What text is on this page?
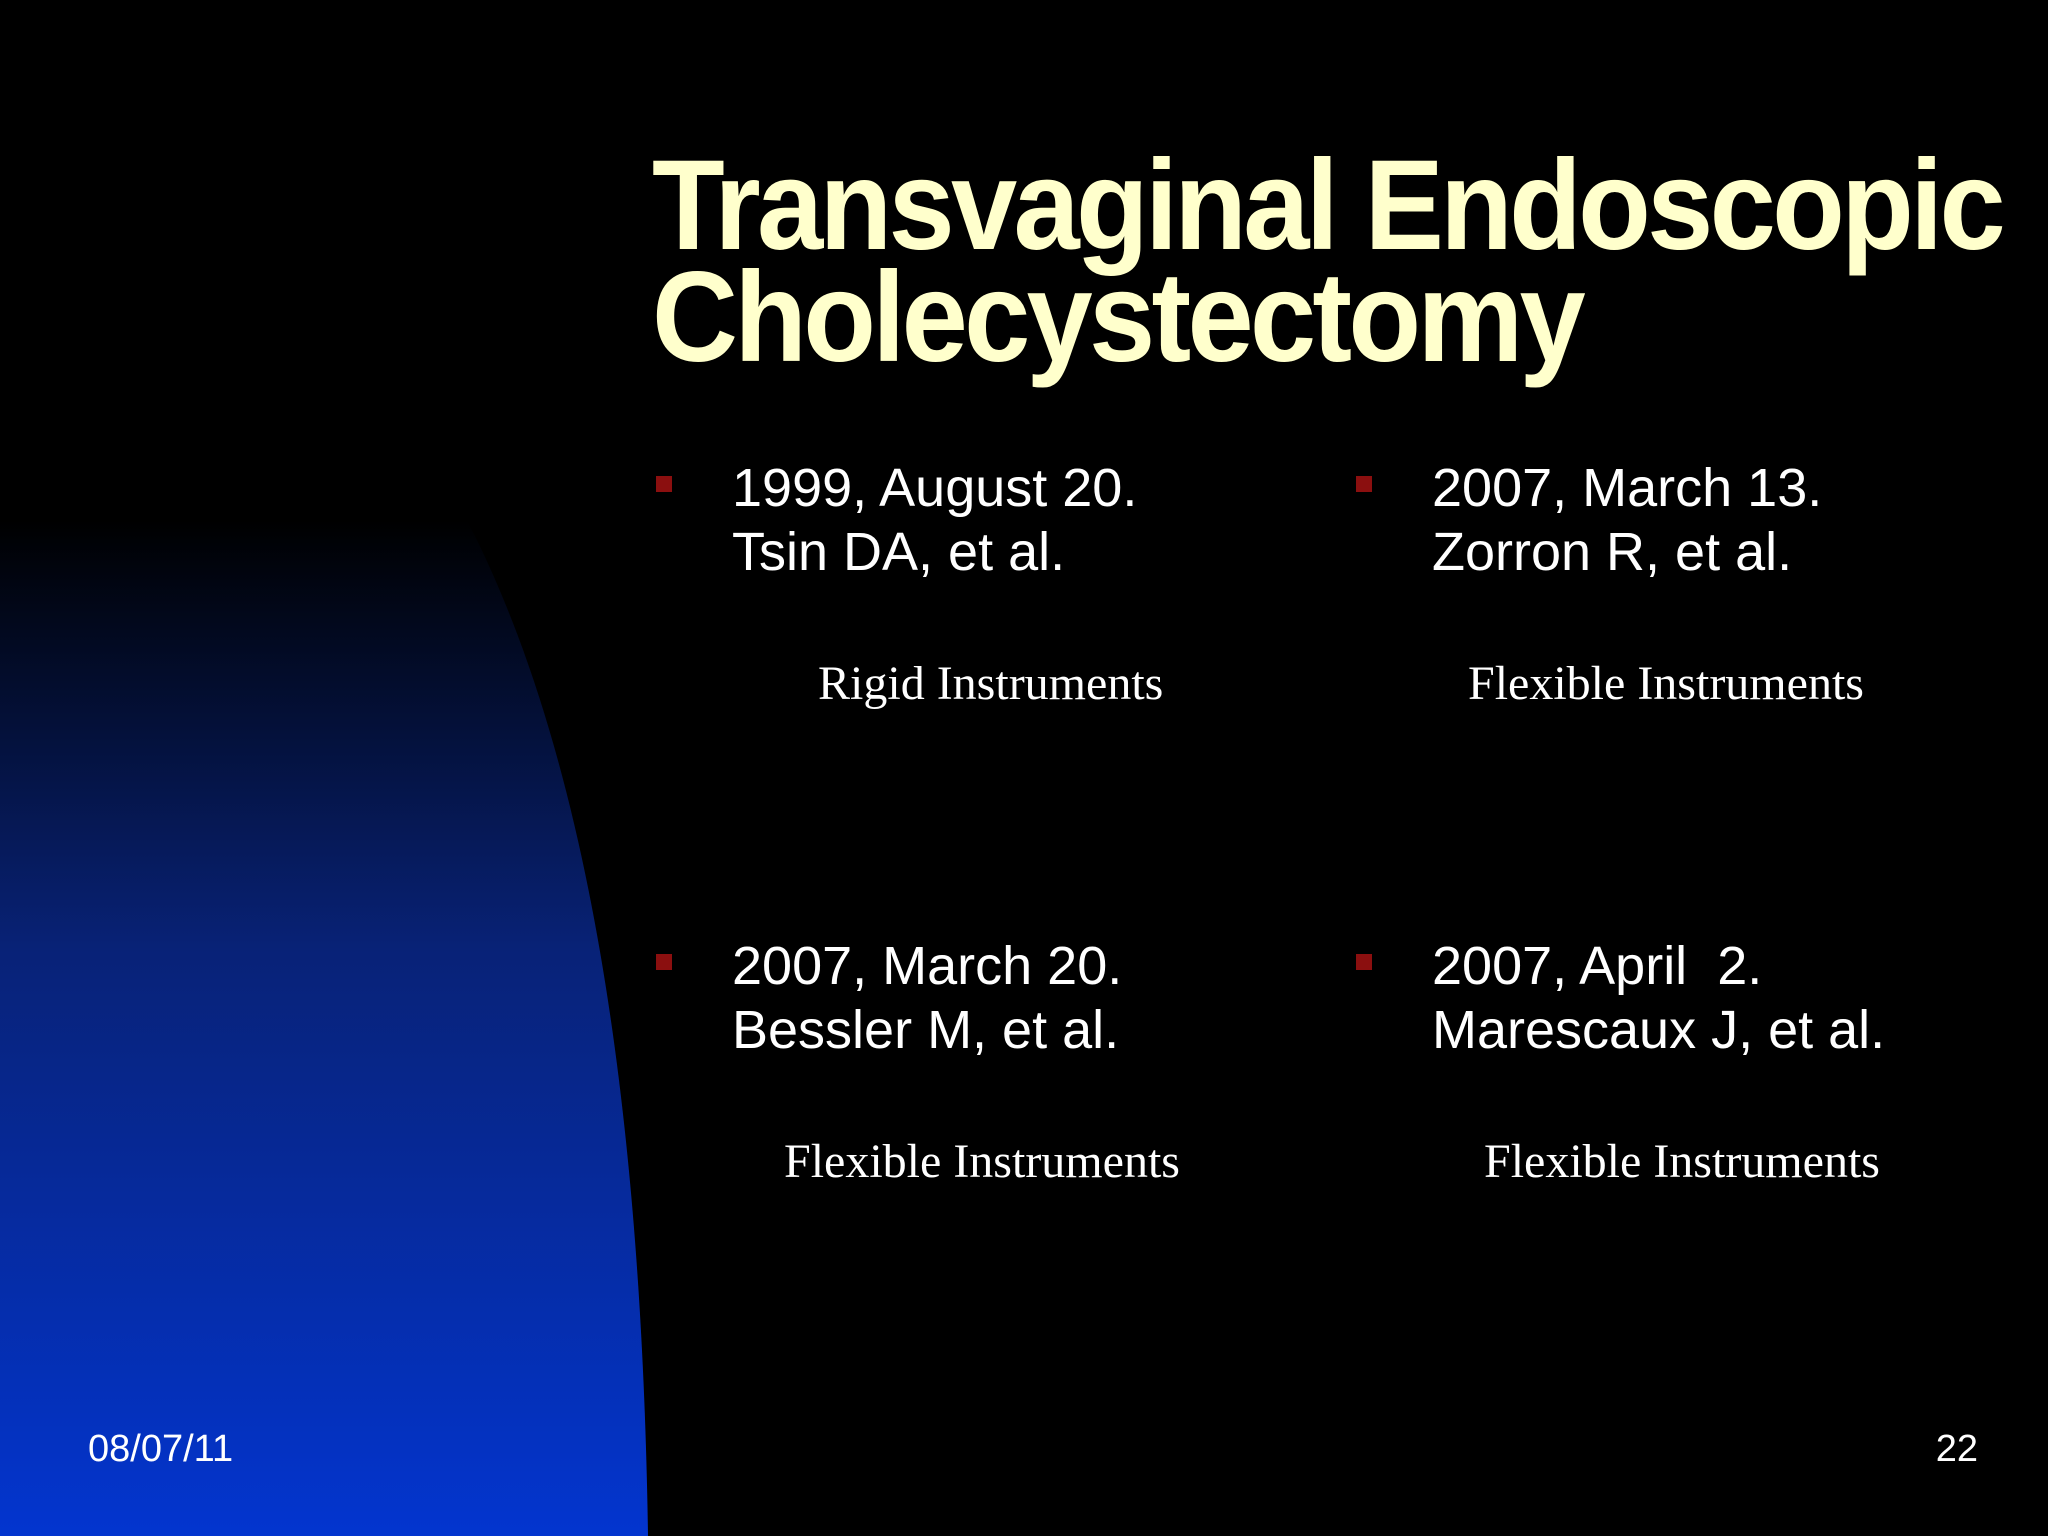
Transvaginal Endoscopic
Cholecystectomy
1999, August 20.
Tsin DA, et al.
Rigid Instruments
2007, March 13.
Zorron R, et al.
Flexible Instruments
2007, March 20.
Bessler M, et al.
Flexible Instruments
2007, April  2.
Marescaux J, et al.
Flexible Instruments
08/07/11	22
